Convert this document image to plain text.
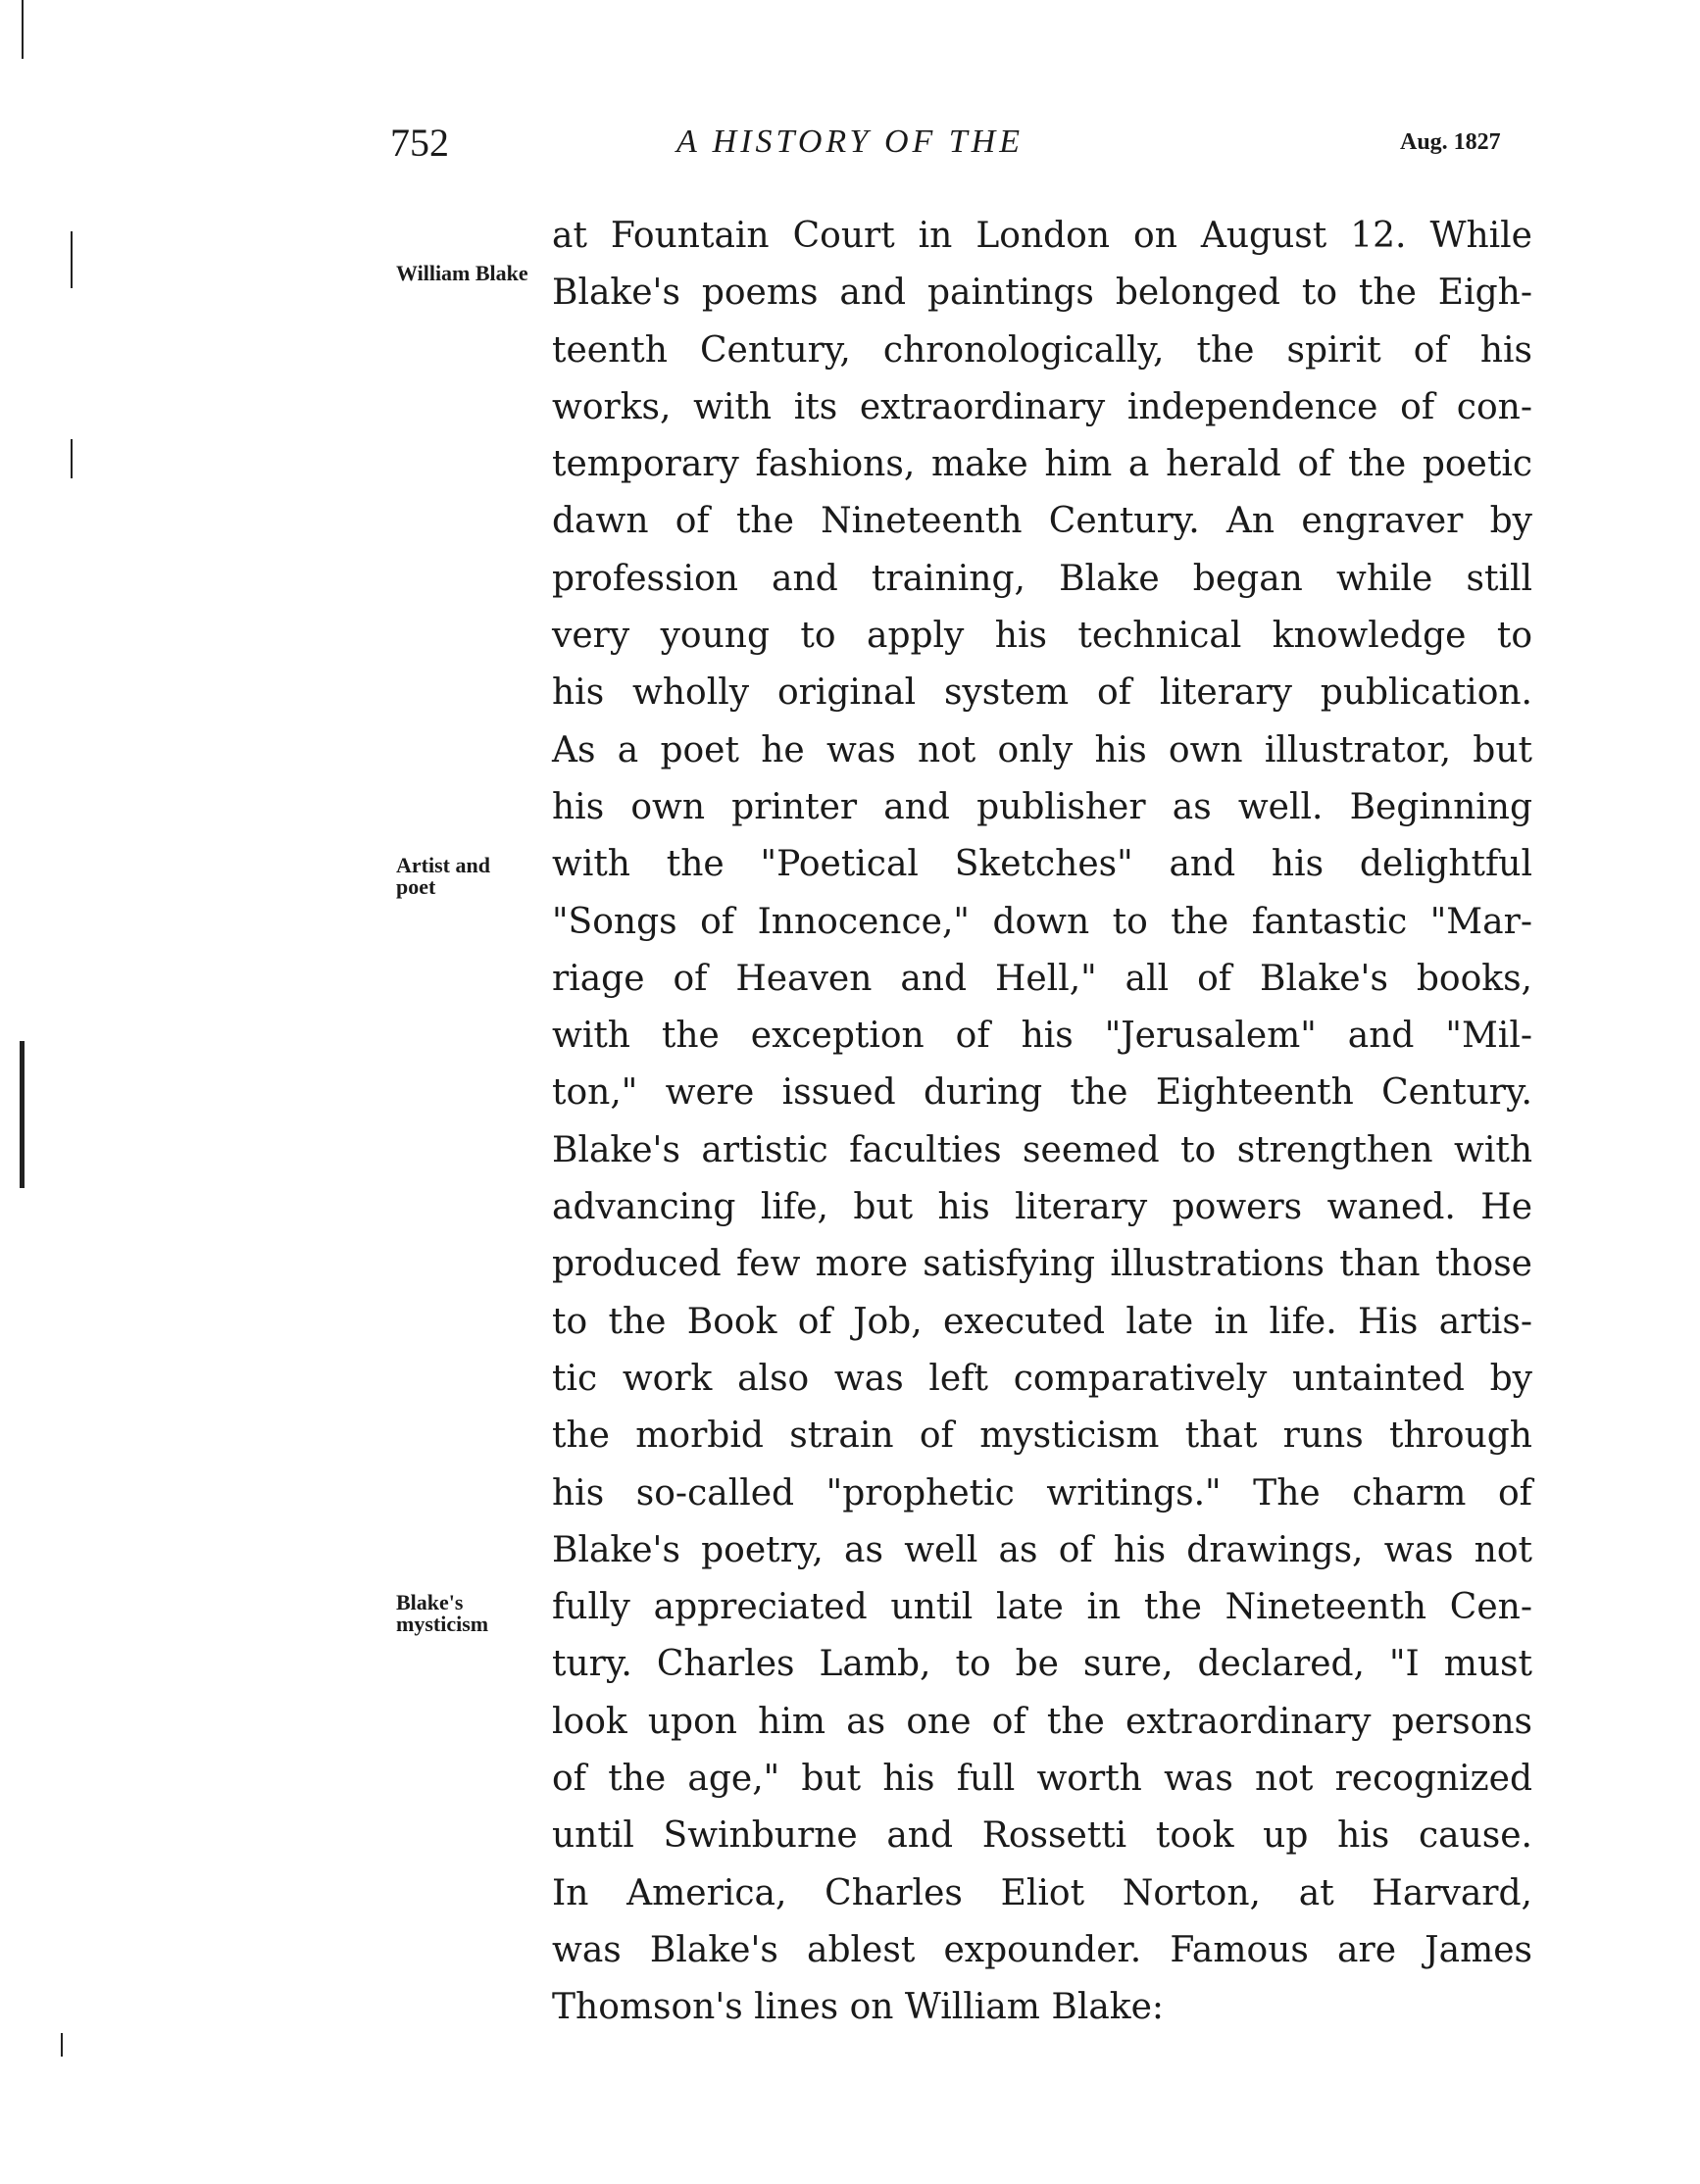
752	A HISTORY OF THE	Aug. 1827
William Blake
Artist and poet
Blake's mysticism
at Fountain Court in London on August 12. While
Blake's poems and paintings belonged to the Eigh-
teenth Century, chronologically, the spirit of his
works, with its extraordinary independence of con-
temporary fashions, make him a herald of the poetic
dawn of the Nineteenth Century. An engraver by
profession and training, Blake began while still
very young to apply his technical knowledge to
his wholly original system of literary publication.
As a poet he was not only his own illustrator, but
his own printer and publisher as well. Beginning
with the "Poetical Sketches" and his delightful
"Songs of Innocence," down to the fantastic "Mar-
riage of Heaven and Hell," all of Blake's books,
with the exception of his "Jerusalem" and "Mil-
ton," were issued during the Eighteenth Century.
Blake's artistic faculties seemed to strengthen with
advancing life, but his literary powers waned. He
produced few more satisfying illustrations than those
to the Book of Job, executed late in life. His artis-
tic work also was left comparatively untainted by
the morbid strain of mysticism that runs through
his so-called "prophetic writings." The charm of
Blake's poetry, as well as of his drawings, was not
fully appreciated until late in the Nineteenth Cen-
tury. Charles Lamb, to be sure, declared, "I must
look upon him as one of the extraordinary persons
of the age," but his full worth was not recognized
until Swinburne and Rossetti took up his cause.
In America, Charles Eliot Norton, at Harvard,
was Blake's ablest expounder. Famous are James
Thomson's lines on William Blake:
